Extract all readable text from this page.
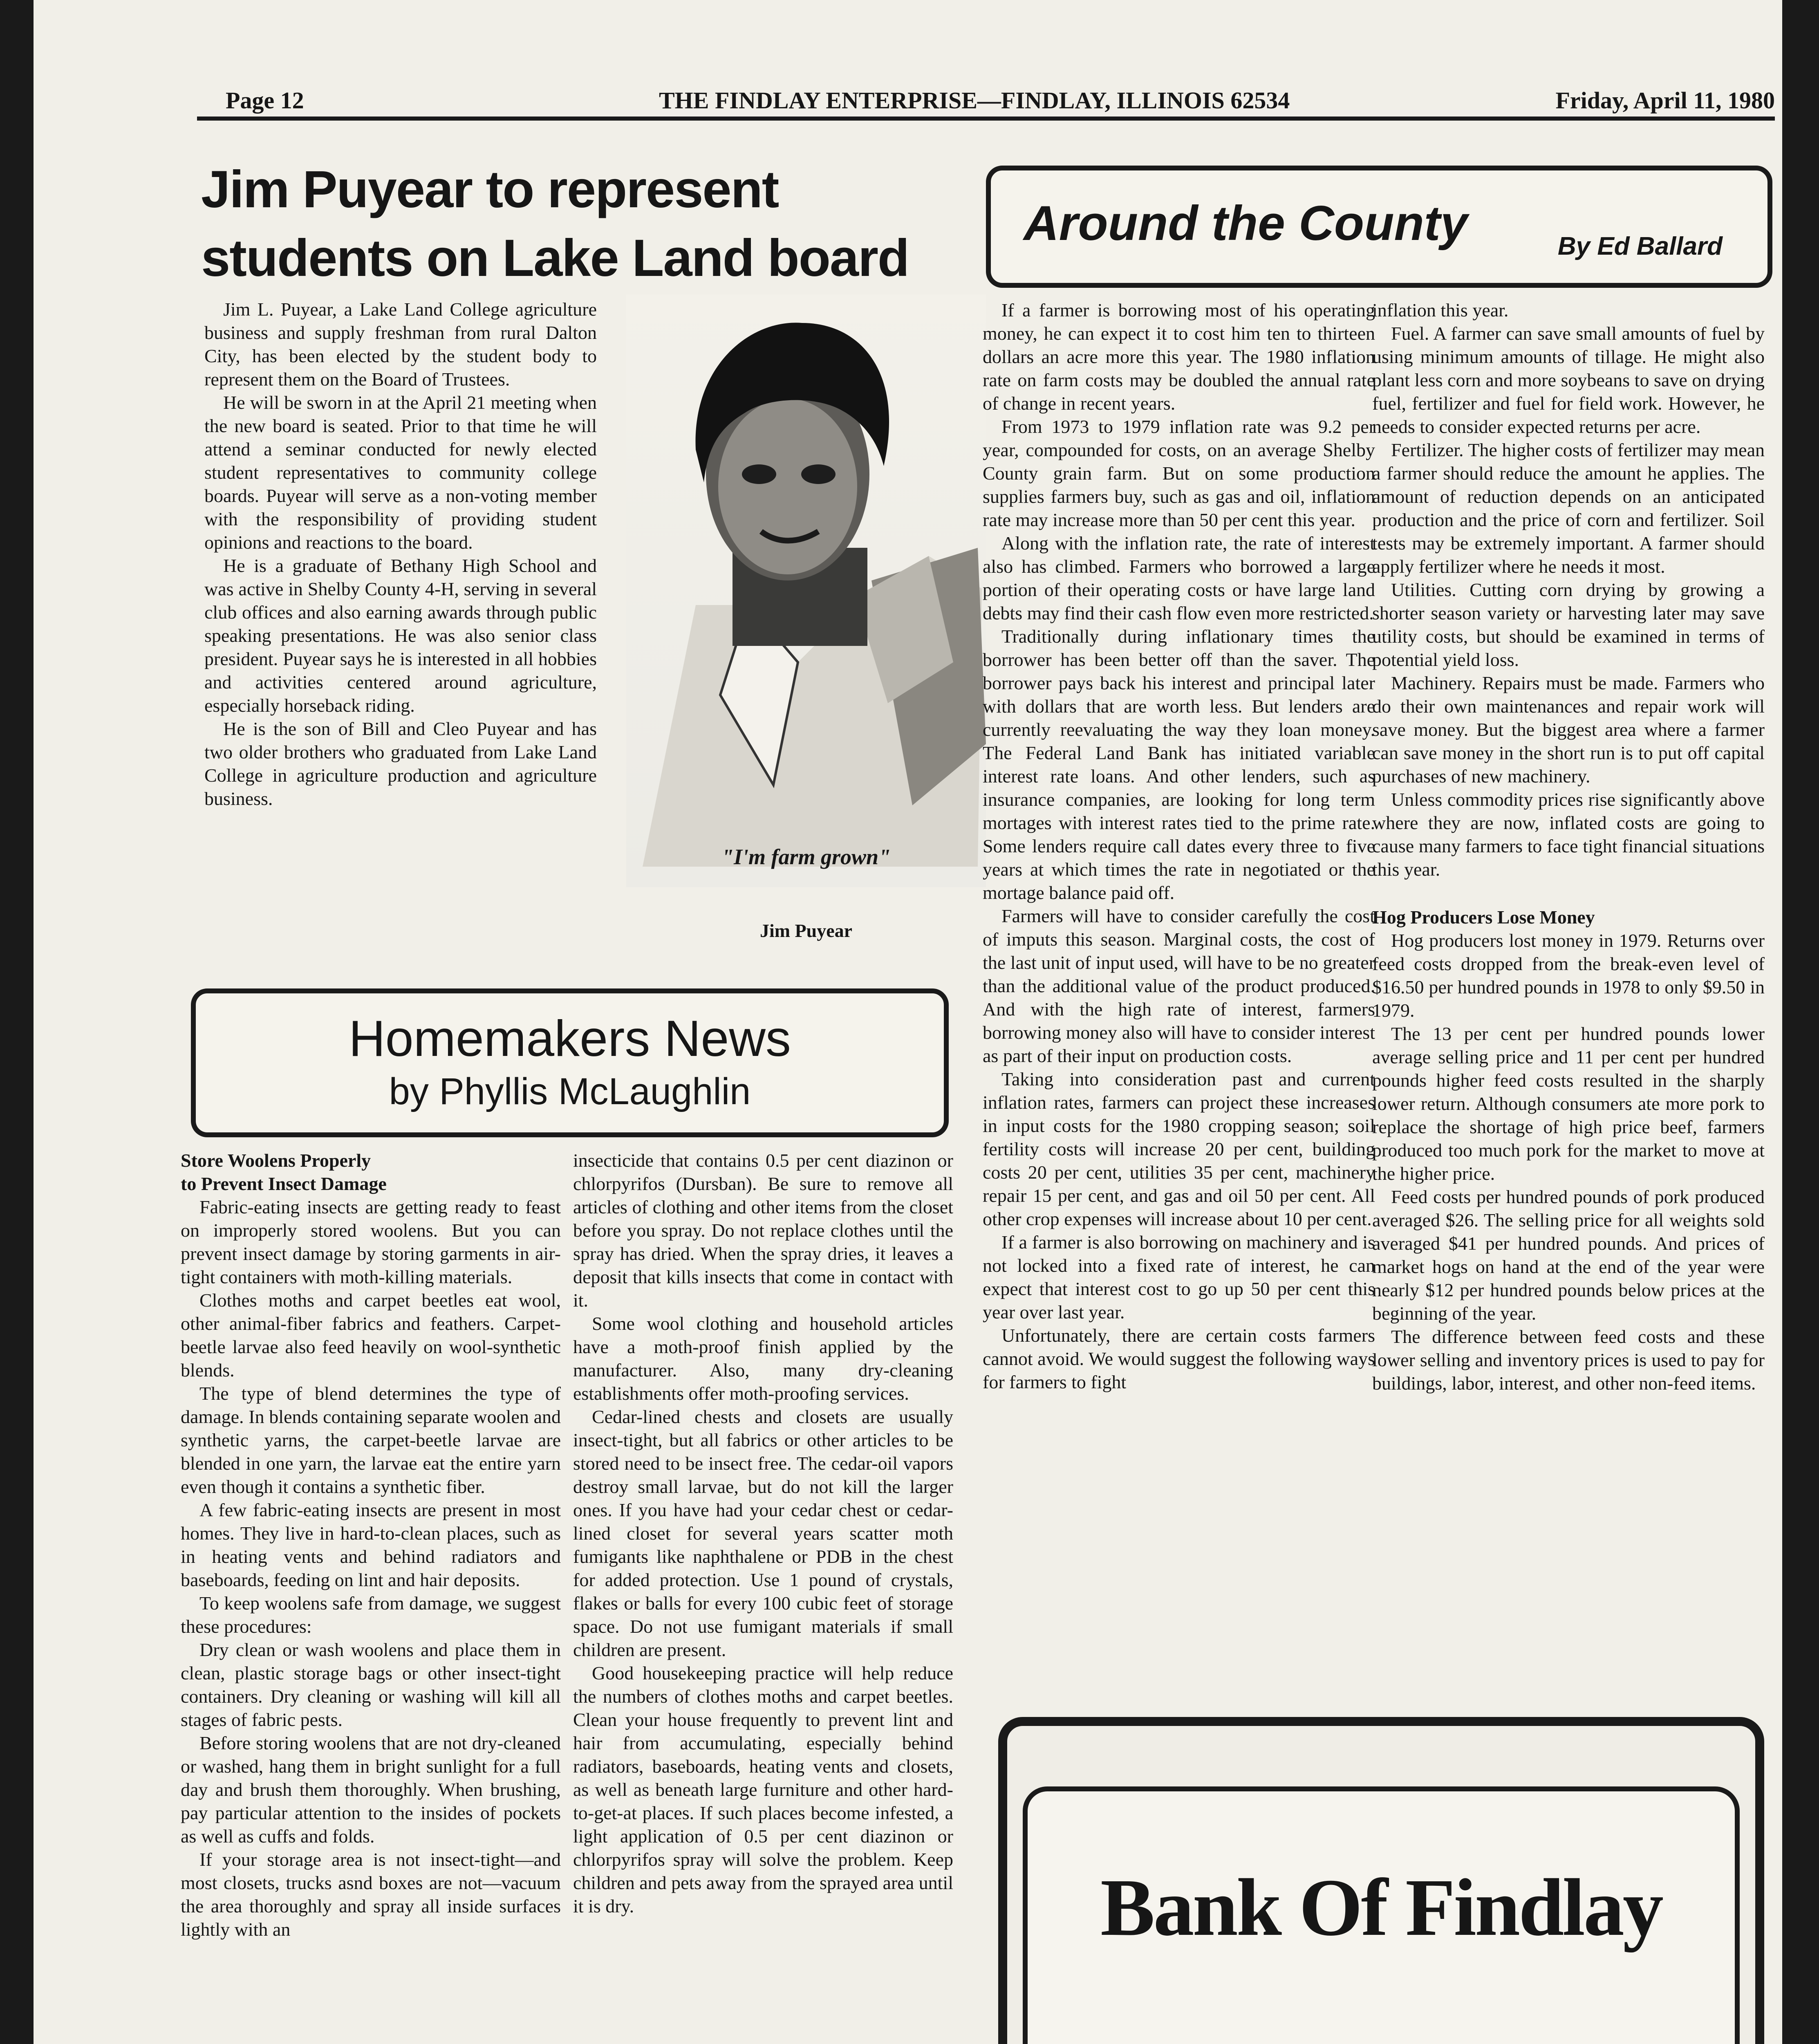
Page 12	THE FINDLAY ENTERPRISE—FINDLAY, ILLINOIS 62534	Friday, April 11, 1980
Jim Puyear to represent
students on Lake Land board

Jim L. Puyear, a Lake Land College agriculture business and supply freshman from rural Dalton City, has been elected by the student body to represent them on the Board of Trustees.

He will be sworn in at the April 21 meeting when the new board is seated. Prior to that time he will attend a seminar conducted for newly elected student representatives to community college boards. Puyear will serve as a non-voting member with the responsibility of providing student opinions and reactions to the board.

He is a graduate of Bethany High School and was active in Shelby County 4-H, serving in several club offices and also earning awards through public speaking presentations. He was also senior class president. Puyear says he is interested in all hobbies and activities centered around agriculture, especially horseback riding.

He is the son of Bill and Cleo Puyear and has two older brothers who graduated from Lake Land College in agriculture production and agriculture business.

"I'm farm grown"
Jim Puyear
Around the County	By Ed Ballard

If a farmer is borrowing most of his operating money, he can expect it to cost him ten to thirteen dollars an acre more this year. The 1980 inflation rate on farm costs may be doubled the annual rate of change in recent years.

From 1973 to 1979 inflation rate was 9.2 per year, compounded for costs, on an average Shelby County grain farm. But on some production supplies farmers buy, such as gas and oil, inflation rate may increase more than 50 per cent this year.

Along with the inflation rate, the rate of interest also has climbed. Farmers who borrowed a large portion of their operating costs or have large land debts may find their cash flow even more restricted.

Traditionally during inflationary times the borrower has been better off than the saver. The borrower pays back his interest and principal later with dollars that are worth less. But lenders are currently reevaluating the way they loan money. The Federal Land Bank has initiated variable interest rate loans. And other lenders, such as insurance companies, are looking for long term mortages with interest rates tied to the prime rate. Some lenders require call dates every three to five years at which times the rate in negotiated or the mortage balance paid off.

Farmers will have to consider carefully the cost of imputs this season. Marginal costs, the cost of the last unit of input used, will have to be no greater than the additional value of the product produced. And with the high rate of interest, farmers borrowing money also will have to consider interest as part of their input on production costs.

Taking into consideration past and current inflation rates, farmers can project these increases in input costs for the 1980 cropping season; soil fertility costs will increase 20 per cent, building costs 20 per cent, utilities 35 per cent, machinery repair 15 per cent, and gas and oil 50 per cent. All other crop expenses will increase about 10 per cent.

If a farmer is also borrowing on machinery and is not locked into a fixed rate of interest, he can expect that interest cost to go up 50 per cent this year over last year.

Unfortunately, there are certain costs farmers cannot avoid. We would suggest the following ways for farmers to fight

inflation this year.

Fuel. A farmer can save small amounts of fuel by using minimum amounts of tillage. He might also plant less corn and more soybeans to save on drying fuel, fertilizer and fuel for field work. However, he needs to consider expected returns per acre.

Fertilizer. The higher costs of fertilizer may mean a farmer should reduce the amount he applies. The amount of reduction depends on an anticipated production and the price of corn and fertilizer. Soil tests may be extremely important. A farmer should apply fertilizer where he needs it most.

Utilities. Cutting corn drying by growing a shorter season variety or harvesting later may save utility costs, but should be examined in terms of potential yield loss.

Machinery. Repairs must be made. Farmers who do their own maintenances and repair work will save money. But the biggest area where a farmer can save money in the short run is to put off capital purchases of new machinery.

Unless commodity prices rise significantly above where they are now, inflated costs are going to cause many farmers to face tight financial situations this year.

Hog Producers Lose Money

Hog producers lost money in 1979. Returns over feed costs dropped from the break-even level of $16.50 per hundred pounds in 1978 to only $9.50 in 1979.

The 13 per cent per hundred pounds lower average selling price and 11 per cent per hundred pounds higher feed costs resulted in the sharply lower return. Although consumers ate more pork to replace the shortage of high price beef, farmers produced too much pork for the market to move at the higher price.

Feed costs per hundred pounds of pork produced averaged $26. The selling price for all weights sold averaged $41 per hundred pounds. And prices of market hogs on hand at the end of the year were nearly $12 per hundred pounds below prices at the beginning of the year.

The difference between feed costs and these lower selling and inventory prices is used to pay for buildings, labor, interest, and other non-feed items.

Homemakers News
by Phyllis McLaughlin

Store Woolens Properly

to Prevent Insect Damage

Fabric-eating insects are getting ready to feast on improperly stored woolens. But you can prevent insect damage by storing garments in air-tight containers with moth-killing materials.

Clothes moths and carpet beetles eat wool, other animal-fiber fabrics and feathers. Carpet-beetle larvae also feed heavily on wool-synthetic blends.

The type of blend determines the type of damage. In blends containing separate woolen and synthetic yarns, the carpet-beetle larvae are blended in one yarn, the larvae eat the entire yarn even though it contains a synthetic fiber.

A few fabric-eating insects are present in most homes. They live in hard-to-clean places, such as in heating vents and behind radiators and baseboards, feeding on lint and hair deposits.

To keep woolens safe from damage, we suggest these procedures:

Dry clean or wash woolens and place them in clean, plastic storage bags or other insect-tight containers. Dry cleaning or washing will kill all stages of fabric pests.

Before storing woolens that are not dry-cleaned or washed, hang them in bright sunlight for a full day and brush them thoroughly. When brushing, pay particular attention to the insides of pockets as well as cuffs and folds.

If your storage area is not insect-tight—and most closets, trucks asnd boxes are not—vacuum the area thoroughly and spray all inside surfaces lightly with an

insecticide that contains 0.5 per cent diazinon or chlorpyrifos (Dursban). Be sure to remove all articles of clothing and other items from the closet before you spray. Do not replace clothes until the spray has dried. When the spray dries, it leaves a deposit that kills insects that come in contact with it.

Some wool clothing and household articles have a moth-proof finish applied by the manufacturer. Also, many dry-cleaning establishments offer moth-proofing services.

Cedar-lined chests and closets are usually insect-tight, but all fabrics or other articles to be stored need to be insect free. The cedar-oil vapors destroy small larvae, but do not kill the larger ones. If you have had your cedar chest or cedar-lined closet for several years scatter moth fumigants like naphthalene or PDB in the chest for added protection. Use 1 pound of crystals, flakes or balls for every 100 cubic feet of storage space. Do not use fumigant materials if small children are present.

Good housekeeping practice will help reduce the numbers of clothes moths and carpet beetles. Clean your house frequently to prevent lint and hair from accumulating, especially behind radiators, baseboards, heating vents and closets, as well as beneath large furniture and other hard-to-get-at places. If such places become infested, a light application of 0.5 per cent diazinon or chlorpyrifos spray will solve the problem. Keep children and pets away from the sprayed area until it is dry.	Bank Of Findlay
